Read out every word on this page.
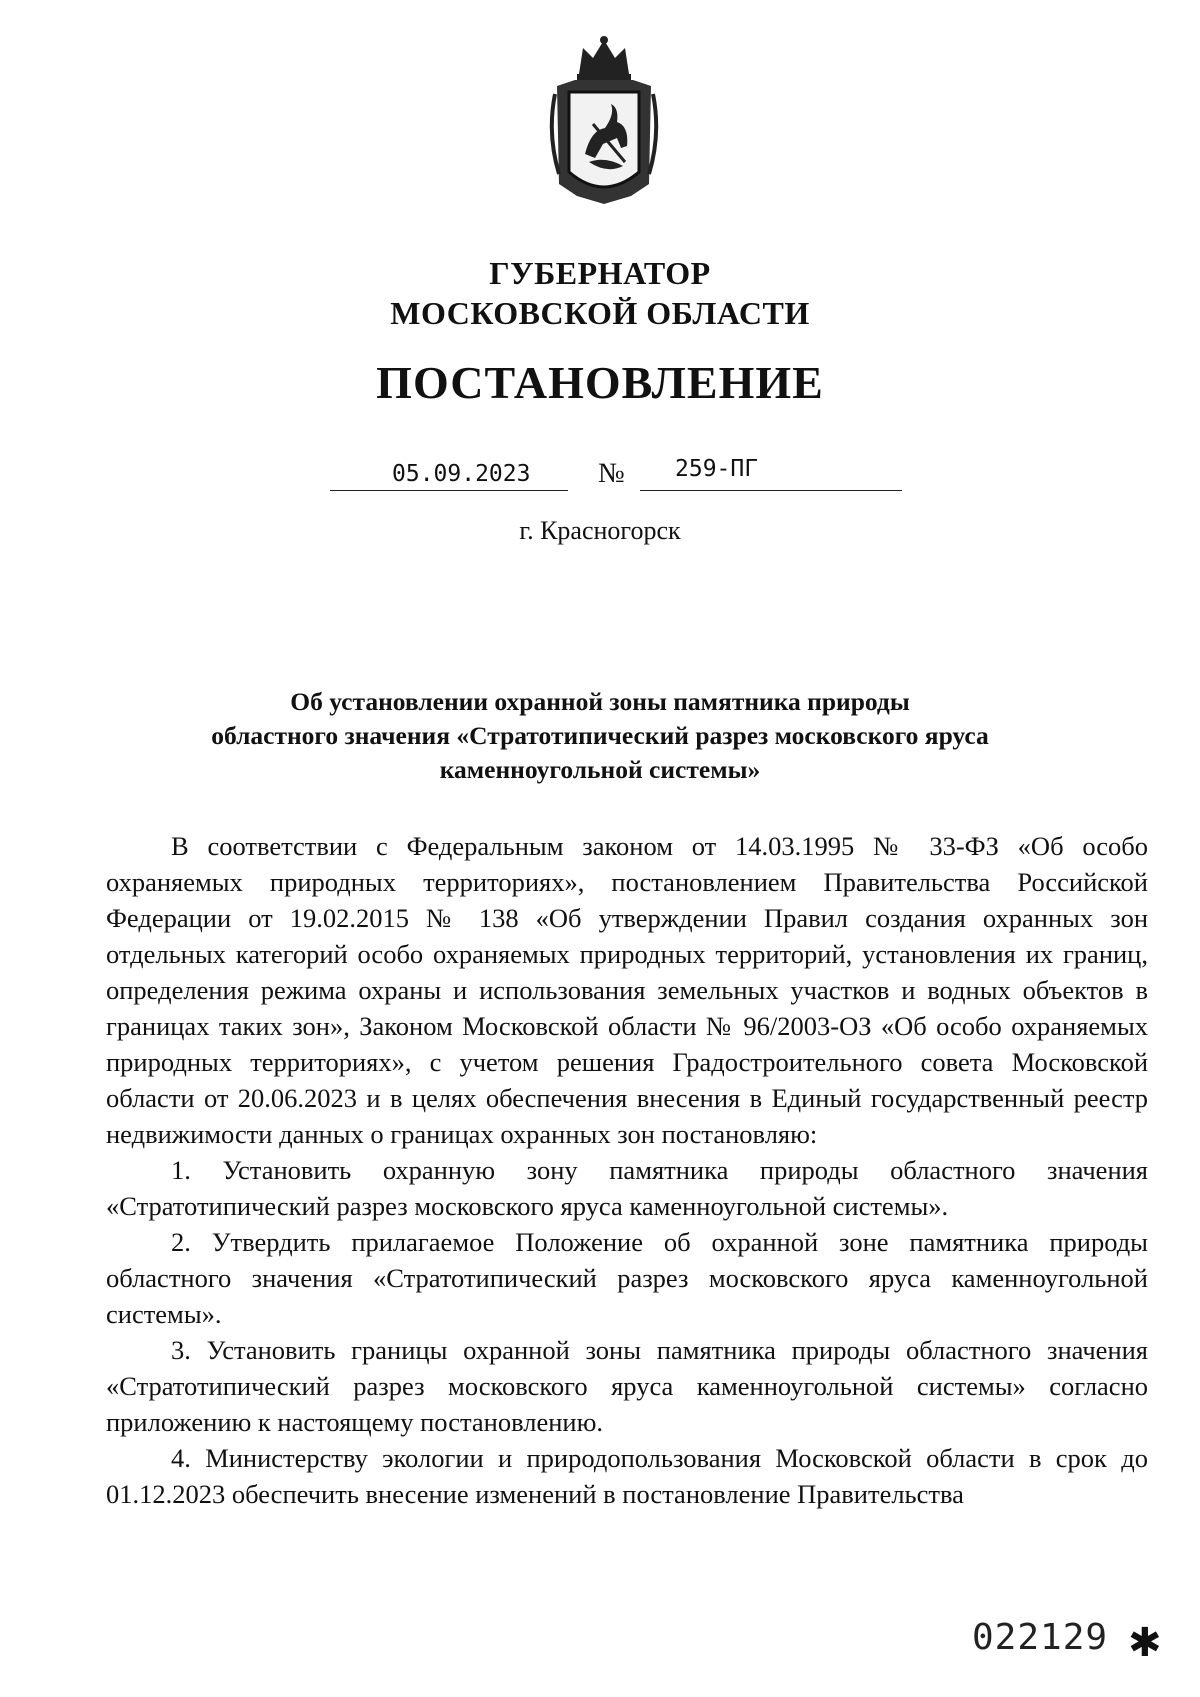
ГУБЕРНАТОР
МОСКОВСКОЙ ОБЛАСТИ
ПОСТАНОВЛЕНИЕ
05.09.2023 № 259-ПГ
г. Красногорск
Об установлении охранной зоны памятника природы
областного значения «Стратотипический разрез московского яруса
каменноугольной системы»

В соответствии с Федеральным законом от 14.03.1995 № 33-ФЗ «Об особо охраняемых природных территориях», постановлением Правительства Российской Федерации от 19.02.2015 № 138 «Об утверждении Правил создания охранных зон отдельных категорий особо охраняемых природных территорий, установления их границ, определения режима охраны и использования земельных участков и водных объектов в границах таких зон», Законом Московской области № 96/2003-ОЗ «Об особо охраняемых природных территориях», с учетом решения Градостроительного совета Московской области от 20.06.2023 и в целях обеспечения внесения в Единый государственный реестр недвижимости данных о границах охранных зон постановляю:

1. Установить охранную зону памятника природы областного значения «Стратотипический разрез московского яруса каменноугольной системы».

2. Утвердить прилагаемое Положение об охранной зоне памятника природы областного значения «Стратотипический разрез московского яруса каменноугольной системы».

3. Установить границы охранной зоны памятника природы областного значения «Стратотипический разрез московского яруса каменноугольной системы» согласно приложению к настоящему постановлению.

4. Министерству экологии и природопользования Московской области в срок до 01.12.2023 обеспечить внесение изменений в постановление Правительства

022129 ✱
